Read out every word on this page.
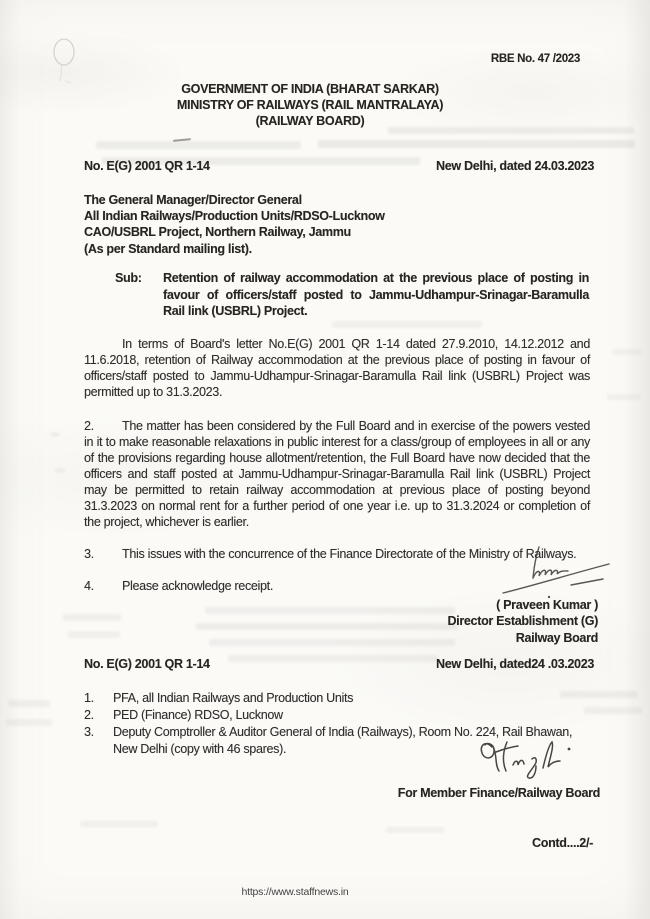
RBE No. 47 /2023
GOVERNMENT OF INDIA (BHARAT SARKAR)
MINISTRY OF RAILWAYS (RAIL MANTRALAYA)
(RAILWAY BOARD)
No. E(G) 2001 QR 1-14	New Delhi, dated 24.03.2023
The General Manager/Director General
All Indian Railways/Production Units/RDSO-Lucknow
CAO/USBRL Project, Northern Railway, Jammu
(As per Standard mailing list).
Sub: Retention of railway accommodation at the previous place of posting in favour of officers/staff posted to Jammu-Udhampur-Srinagar-Baramulla Rail link (USBRL) Project.
In terms of Board's letter No.E(G) 2001 QR 1-14 dated 27.9.2010, 14.12.2012 and 11.6.2018, retention of Railway accommodation at the previous place of posting in favour of officers/staff posted to Jammu-Udhampur-Srinagar-Baramulla Rail link (USBRL) Project was permitted up to 31.3.2023.
2.	The matter has been considered by the Full Board and in exercise of the powers vested in it to make reasonable relaxations in public interest for a class/group of employees in all or any of the provisions regarding house allotment/retention, the Full Board have now decided that the officers and staff posted at Jammu-Udhampur-Srinagar-Baramulla Rail link (USBRL) Project may be permitted to retain railway accommodation at previous place of posting beyond 31.3.2023 on normal rent for a further period of one year i.e. up to 31.3.2024 or completion of the project, whichever is earlier.
3.	This issues with the concurrence of the Finance Directorate of the Ministry of Railways.
4.	Please acknowledge receipt.
( Praveen Kumar )
Director Establishment (G)
Railway Board
No. E(G) 2001 QR 1-14	New Delhi, dated24 .03.2023
1. PFA, all Indian Railways and Production Units
2. PED (Finance) RDSO, Lucknow
3. Deputy Comptroller & Auditor General of India (Railways), Room No. 224, Rail Bhawan, New Delhi (copy with 46 spares).
For Member Finance/Railway Board
Contd....2/-
https://www.staffnews.in
